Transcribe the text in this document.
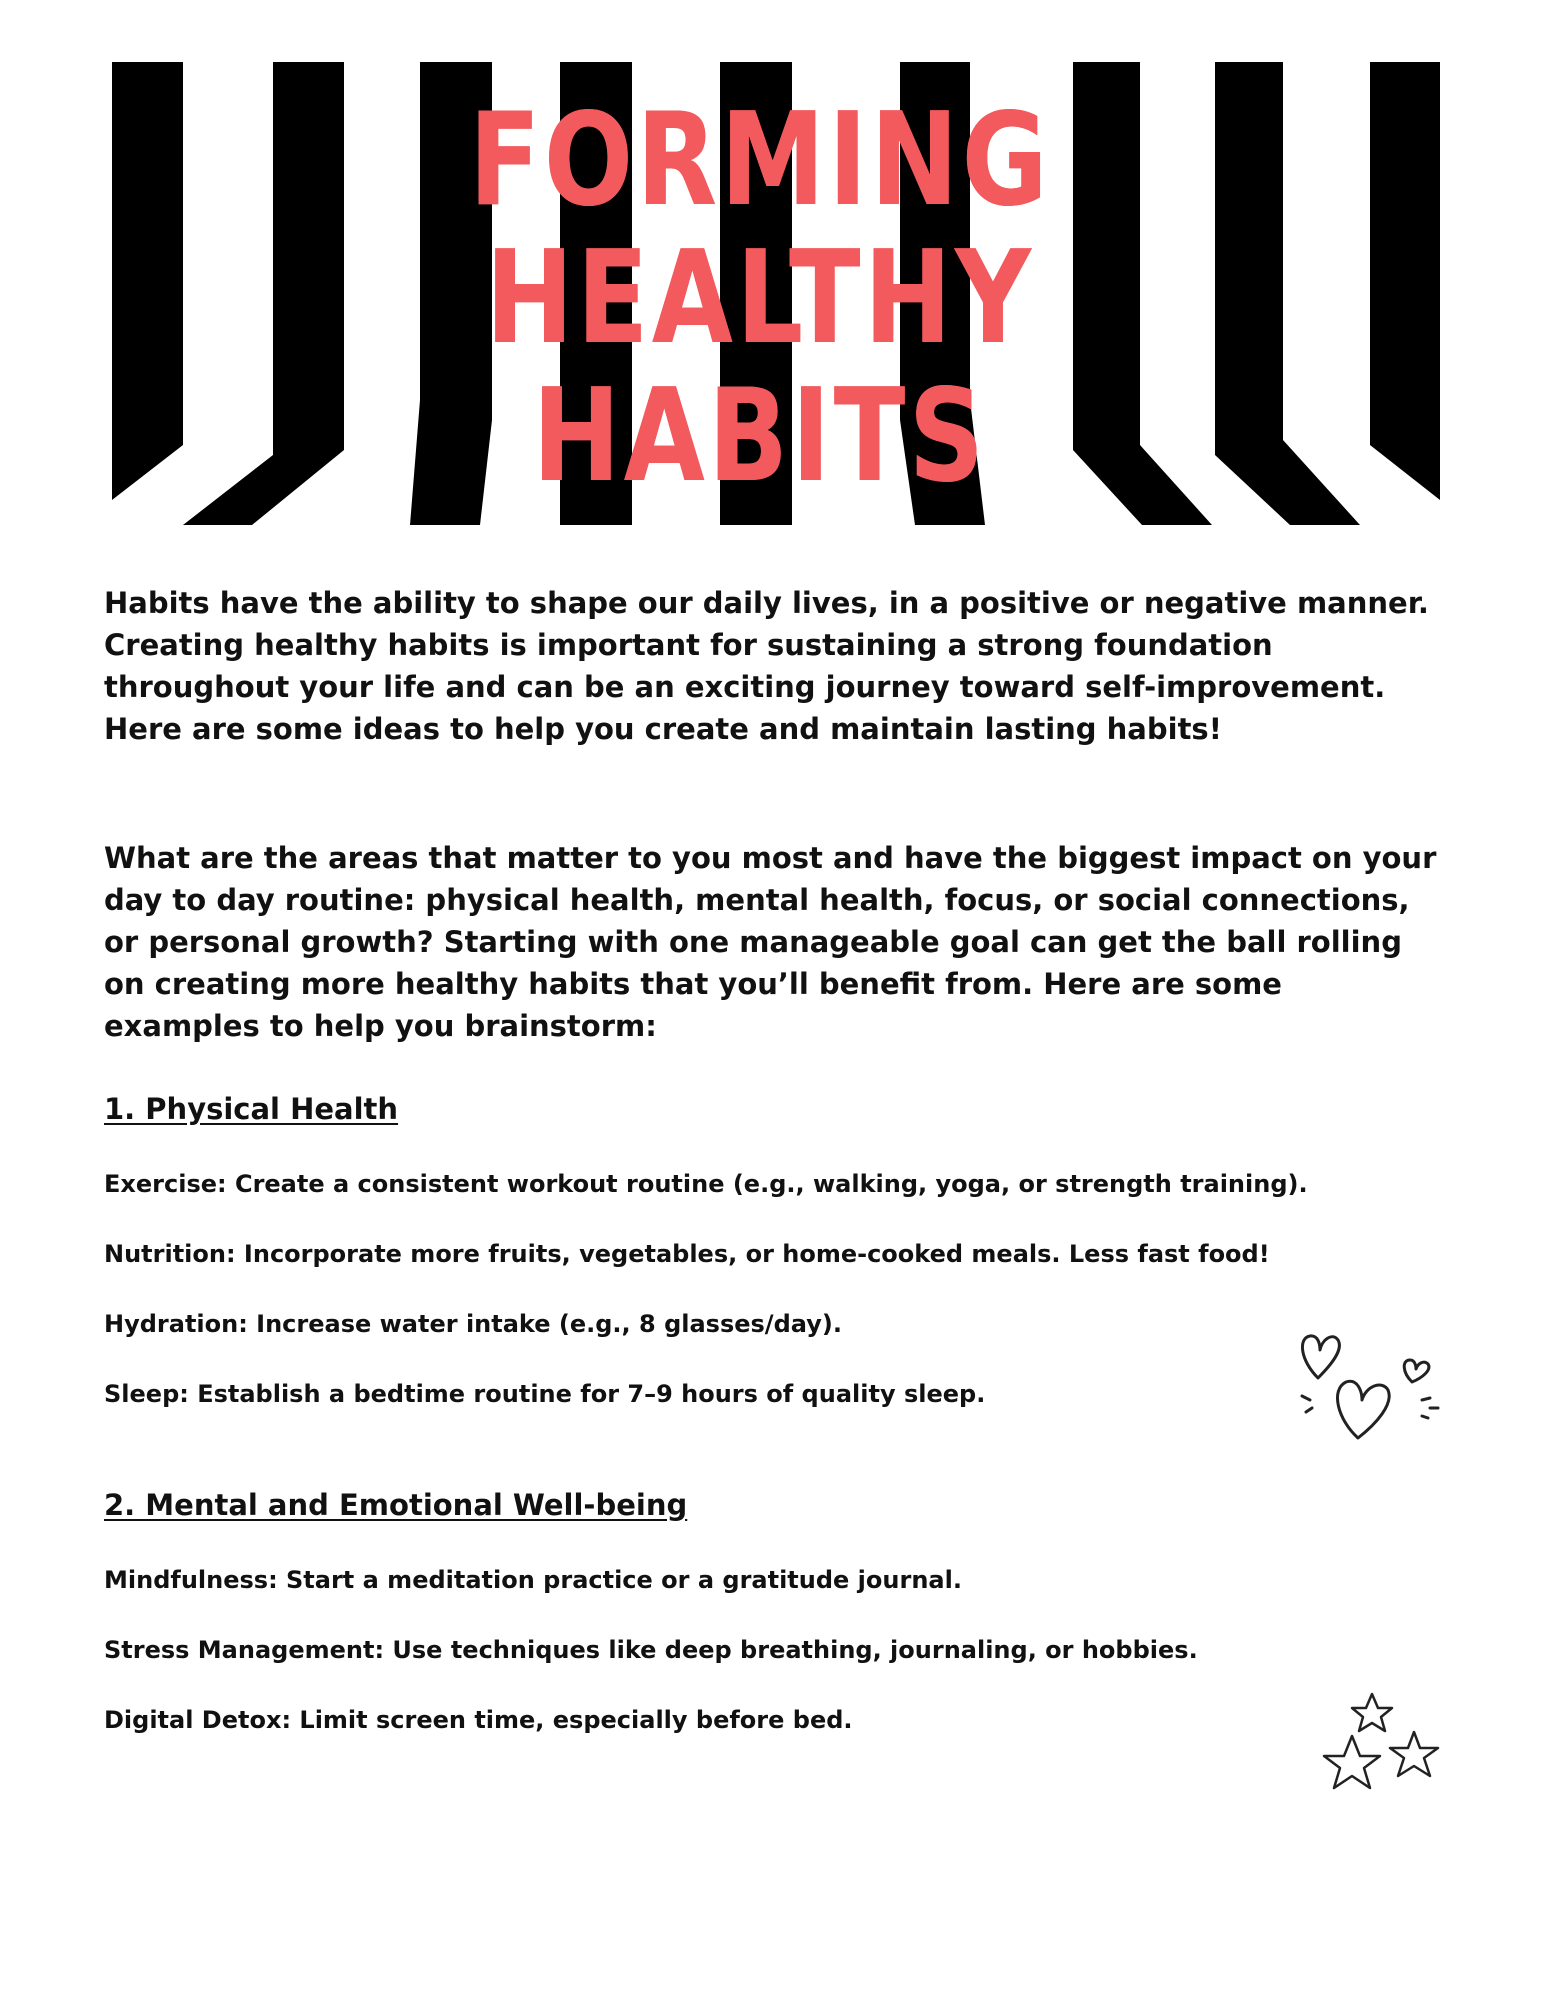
FORMING
HEALTHY
HABITS

Habits have the ability to shape our daily lives, in a positive or negative manner. Creating healthy habits is important for sustaining a strong foundation throughout your life and can be an exciting journey toward self-improvement. Here are some ideas to help you create and maintain lasting habits!

What are the areas that matter to you most and have the biggest impact on your day to day routine: physical health, mental health, focus, or social connections, or personal growth? Starting with one manageable goal can get the ball rolling on creating more healthy habits that you’ll benefit from. Here are some examples to help you brainstorm:

1. Physical Health
Exercise: Create a consistent workout routine (e.g., walking, yoga, or strength training).
Nutrition: Incorporate more fruits, vegetables, or home-cooked meals. Less fast food!
Hydration: Increase water intake (e.g., 8 glasses/day).
Sleep: Establish a bedtime routine for 7–9 hours of quality sleep.
2. Mental and Emotional Well-being
Mindfulness: Start a meditation practice or a gratitude journal.
Stress Management: Use techniques like deep breathing, journaling, or hobbies.
Digital Detox: Limit screen time, especially before bed.
